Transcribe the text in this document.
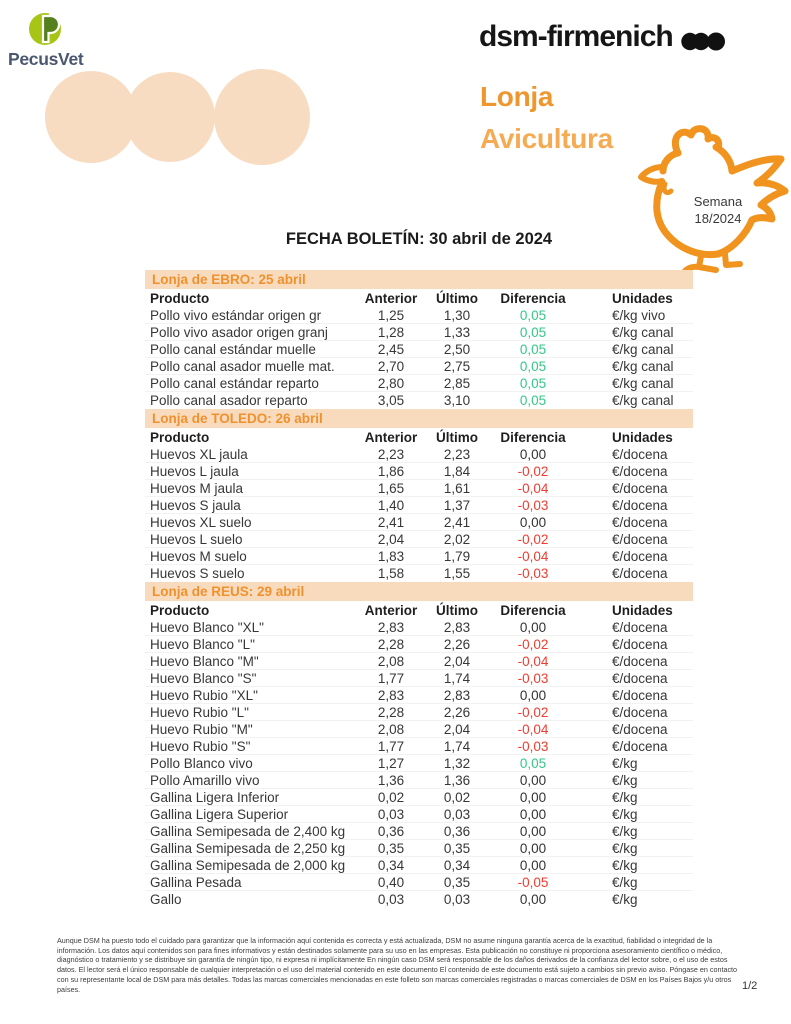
PecusVet
dsm-firmenich
Lonja
Avicultura
Semana
18/2024
FECHA BOLETÍN: 30 abril de 2024
Lonja de EBRO: 25 abril
Producto	Anterior	Último	Diferencia	Unidades
Pollo vivo estándar origen gr	1,25	1,30	0,05	€/kg vivo
Pollo vivo asador origen granj	1,28	1,33	0,05	€/kg canal
Pollo canal estándar muelle	2,45	2,50	0,05	€/kg canal
Pollo canal asador muelle mat.	2,70	2,75	0,05	€/kg canal
Pollo canal estándar reparto	2,80	2,85	0,05	€/kg canal
Pollo canal asador reparto	3,05	3,10	0,05	€/kg canal
Lonja de TOLEDO: 26 abril
Producto	Anterior	Último	Diferencia	Unidades
Huevos XL jaula	2,23	2,23	0,00	€/docena
Huevos L jaula	1,86	1,84	-0,02	€/docena
Huevos M jaula	1,65	1,61	-0,04	€/docena
Huevos S jaula	1,40	1,37	-0,03	€/docena
Huevos XL suelo	2,41	2,41	0,00	€/docena
Huevos L suelo	2,04	2,02	-0,02	€/docena
Huevos M suelo	1,83	1,79	-0,04	€/docena
Huevos S suelo	1,58	1,55	-0,03	€/docena
Lonja de REUS: 29 abril
Producto	Anterior	Último	Diferencia	Unidades
Huevo Blanco "XL"	2,83	2,83	0,00	€/docena
Huevo Blanco "L"	2,28	2,26	-0,02	€/docena
Huevo Blanco "M"	2,08	2,04	-0,04	€/docena
Huevo Blanco "S"	1,77	1,74	-0,03	€/docena
Huevo Rubio "XL"	2,83	2,83	0,00	€/docena
Huevo Rubio "L"	2,28	2,26	-0,02	€/docena
Huevo Rubio "M"	2,08	2,04	-0,04	€/docena
Huevo Rubio "S"	1,77	1,74	-0,03	€/docena
Pollo Blanco vivo	1,27	1,32	0,05	€/kg
Pollo Amarillo vivo	1,36	1,36	0,00	€/kg
Gallina Ligera Inferior	0,02	0,02	0,00	€/kg
Gallina Ligera Superior	0,03	0,03	0,00	€/kg
Gallina Semipesada de 2,400 kg	0,36	0,36	0,00	€/kg
Gallina Semipesada de 2,250 kg	0,35	0,35	0,00	€/kg
Gallina Semipesada de 2,000 kg	0,34	0,34	0,00	€/kg
Gallina Pesada	0,40	0,35	-0,05	€/kg
Gallo	0,03	0,03	0,00	€/kg
Aunque DSM ha puesto todo el cuidado para garantizar que la información aquí contenida es correcta y está actualizada, DSM no asume ninguna garantía acerca de la exactitud, fiabilidad o integridad de la información. Los datos aquí contenidos son para fines informativos y están destinados solamente para su uso en las empresas. Esta publicación no constituye ni proporciona asesoramiento científico o médico, diagnóstico o tratamiento y se distribuye sin garantía de ningún tipo, ni expresa ni implícitamente En ningún caso DSM será responsable de los daños derivados de la confianza del lector sobre, o el uso de estos datos. El lector será el único responsable de cualquier interpretación o el uso del material contenido en este documento El contenido de este documento está sujeto a cambios sin previo aviso. Póngase en contacto con su representante local de DSM para más detalles. Todas las marcas comerciales mencionadas en este folleto son marcas comerciales registradas o marcas comerciales de DSM en los Países Bajos y/u otros países.	1/2
